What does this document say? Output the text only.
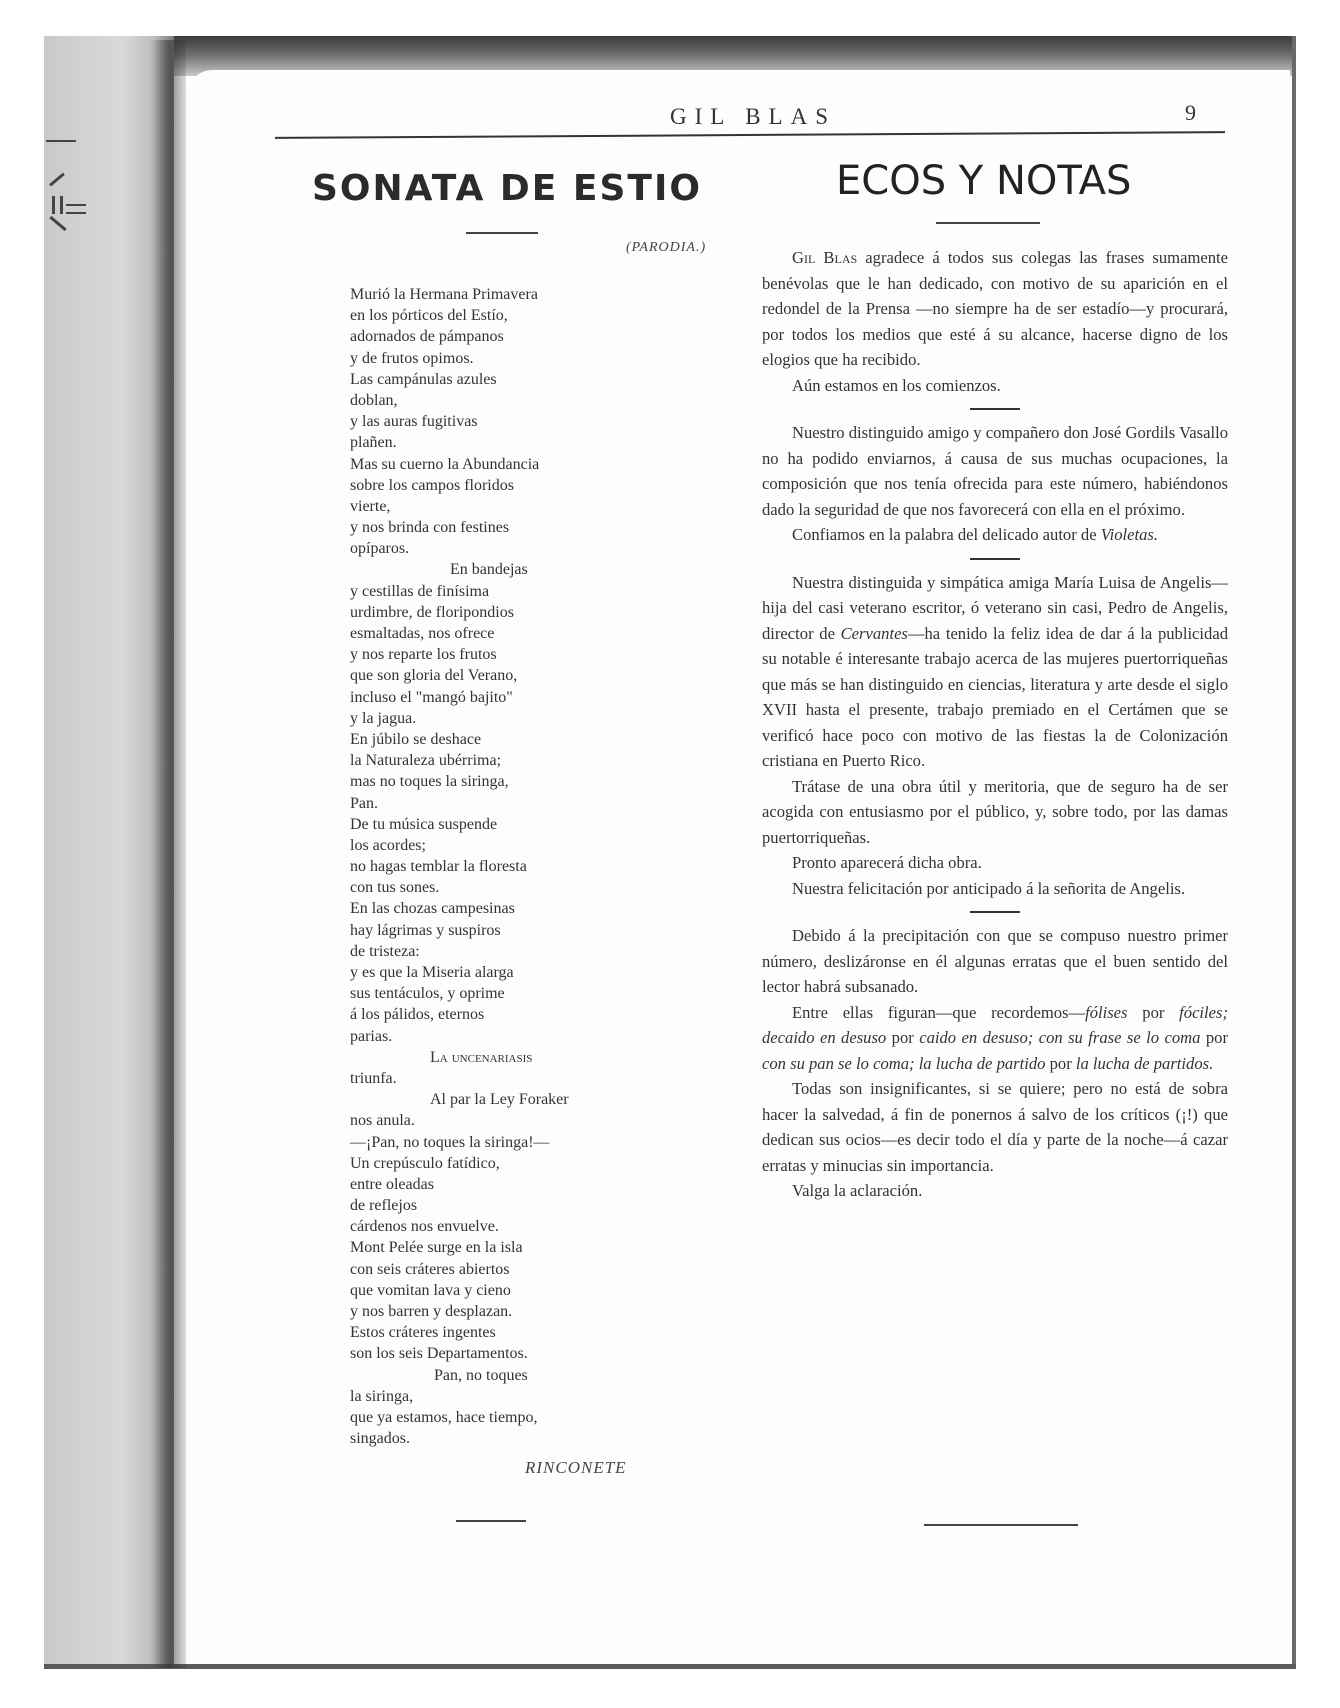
GIL BLAS	9
SONATA DE ESTIO
(PARODIA.)
ECOS Y NOTAS
Murió la Hermana Primavera
en los pórticos del Estío,
adornados de pámpanos
y de frutos opimos.
Las campánulas azules
doblan,
y las auras fugitivas
plañen.
Mas su cuerno la Abundancia
sobre los campos floridos
vierte,
y nos brinda con festines
opíparos.
En bandejas
y cestillas de finísima
urdimbre, de floripondios
esmaltadas, nos ofrece
y nos reparte los frutos
que son gloria del Verano,
inclusо el "mangó bajito"
y la jagua.
En júbilo se deshace
la Naturaleza ubérrima;
mas no toques la siringa,
Pan.
De tu música suspende
los acordes;
no hagas temblar la floresta
con tus sones.
En las chozas campesinas
hay lágrimas y suspiros
de tristeza:
y es que la Miseria alarga
sus tentáculos, y oprime
á los pálidos, eternos
parias.
La uncenariasis
triunfa.
Al par la Ley Foraker
nos anula.
—¡Pan, no toques la siringa!—
Un crepúsculo fatídico,
entre oleadas
de reflejos
cárdenos nos envuelve.
Mont Pelée surge en la isla
con seis cráteres abiertos
que vomitan lava y cieno
y nos barren y desplazan.
Estos cráteres ingentes
son los seis Departamentos.
Pan, no toques
la siringa,
que ya estamos, hace tiempo,
singados.
RINCONETE

Gil Blas agradece á todos sus colegas las frases sumamente benévolas que le han dedicado, con motivo de su aparición en el redondel de la Prensa —no siempre ha de ser estadío—y procurará, por todos los medios que esté á su alcance, hacerse digno de los elogios que ha recibido.

Aún estamos en los comienzos.

Nuestro distinguido amigo y compañero don José Gordils Vasallo no ha podido enviarnos, á causa de sus muchas ocupaciones, la composición que nos tenía ofrecida para este número, habiéndonos dado la seguridad de que nos favorecerá con ella en el próximo.

Confiamos en la palabra del delicado autor de Violetas.

Nuestra distinguida y simpática amiga María Luisa de Angelis—hija del casi veterano escritor, ó veterano sin casi, Pedro de Angelis, director de Cervantes—ha tenido la feliz idea de dar á la publicidad su notable é interesante trabajo acerca de las mujeres puertorriqueñas que más se han distinguido en ciencias, literatura y arte desde el siglo XVII hasta el presente, trabajo premiado en el Certámen que se verificó hace poco con motivo de las fiestas la de Colonización cristiana en Puerto Rico.

Trátase de una obra útil y meritoria, que de seguro ha de ser acogida con entusiasmo por el público, y, sobre todo, por las damas puertorriqueñas.

Pronto aparecerá dicha obra.

Nuestra felicitación por anticipado á la señorita de Angelis.

Debido á la precipitación con que se compuso nuestro primer número, deslizáronse en él algunas erratas que el buen sentido del lector habrá subsanado.

Entre ellas figuran—que recordemos—fólises por fóciles; decaido en desuso por caido en desuso; con su frase se lo coma por con su pan se lo coma; la lucha de partido por la lucha de partidos.

Todas son insignificantes, si se quiere; pero no está de sobra hacer la salvedad, á fin de ponernos á salvo de los críticos (¡!) que dedican sus ocios—es decir todo el día y parte de la noche—á cazar erratas y minucias sin importancia.

Valga la aclaración.
